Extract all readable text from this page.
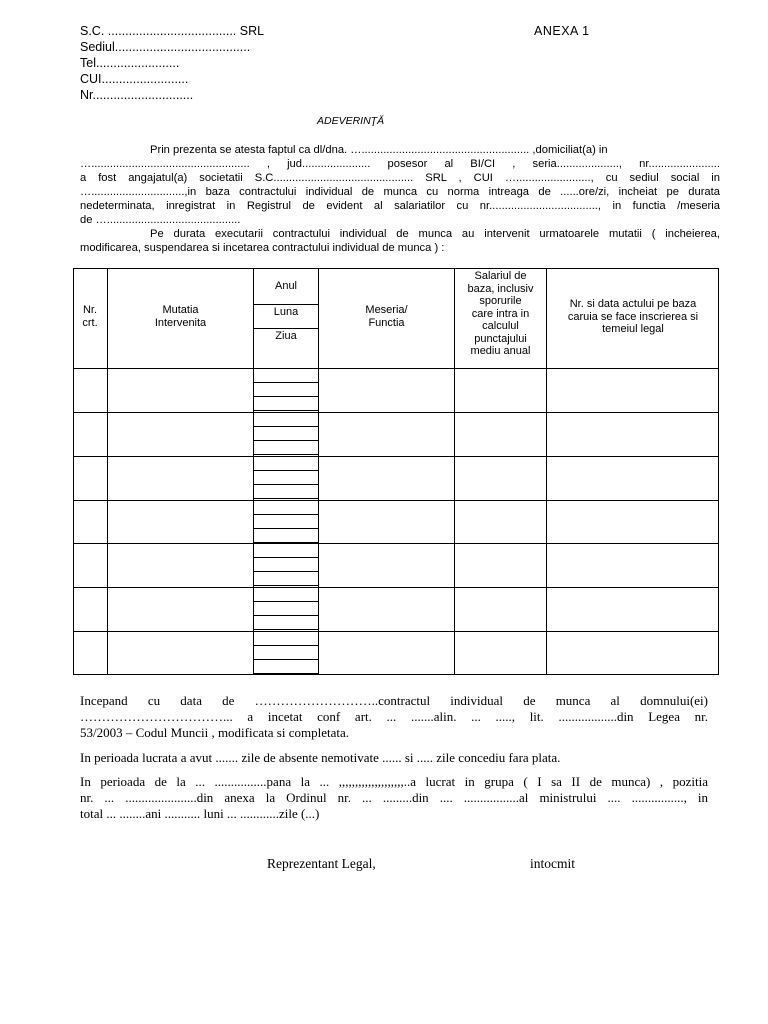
S.C. ..................................... SRL
Sediul.......................................
Tel........................
CUI.........................
Nr.............................
ANEXA 1
ADEVERINŢĂ
Prin prezenta se atesta faptul ca dl/dna. …...................................................... ,domiciliat(a) in
…................................................... , jud...................... posesor al BI/CI , seria...................., nr.......................
a fost angajatul(a) societatii S.C............................................. SRL , CUI …........................, cu sediul social in
…..............................,in baza contractului individual de munca cu norma intreaga de ......ore/zi, incheiat pe durata
nedeterminata, inregistrat in Registrul de evident al salariatilor cu nr..................................., in functia /meseria
de …...........................................
Pe durata executarii contractului individual de munca au intervenit urmatoarele mutatii ( incheierea,
modificarea, suspendarea si incetarea contractului individual de munca ) :
Nr.
crt.
Mutatia
Intervenita
Anul
Luna
Ziua
Meseria/
Functia
Salariul de
baza, inclusiv
sporurile
care intra in
calculul
punctajului
mediu anual
Nr. si data actului pe baza
caruia se face inscrierea si
temeiul legal
Incepand cu data de ………………………..contractul individual de munca al domnului(ei)
……………………………... a incetat conf art. ... .......alin. ... ....., lit. ..................din Legea nr.
53/2003 – Codul Muncii , modificata si completata.
In perioada lucrata a avut ....... zile de absente nemotivate ...... si ..... zile concediu fara plata.
In perioada de la ... ................pana la ... ,,,,,,,,,,,,,,,,,,,,..a lucrat in grupa ( I sa II de munca) , pozitia
nr. ... ......................din anexa la Ordinul nr. ... .........din .... .................al ministrului .... ................, in
total ... ........ani ........... luni ... ............zile (...)
Reprezentant Legal,	intocmit
